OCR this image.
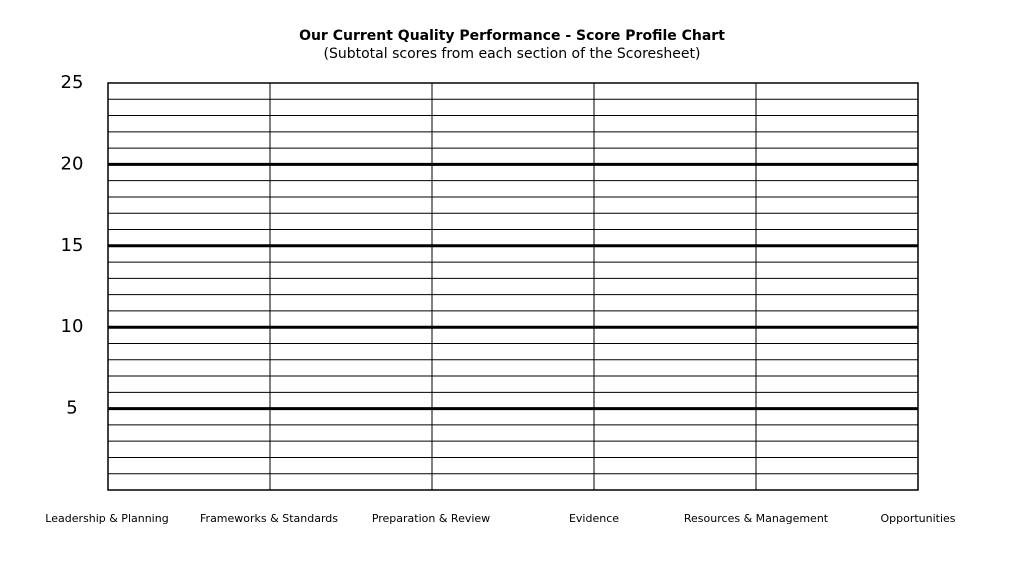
Our Current Quality Performance - Score Profile Chart
(Subtotal scores from each section of the Scoresheet)
5
10
15
20
25
Leadership & Planning	Frameworks & Standards	Preparation & Review	Evidence	Resources & Management	Opportunities
